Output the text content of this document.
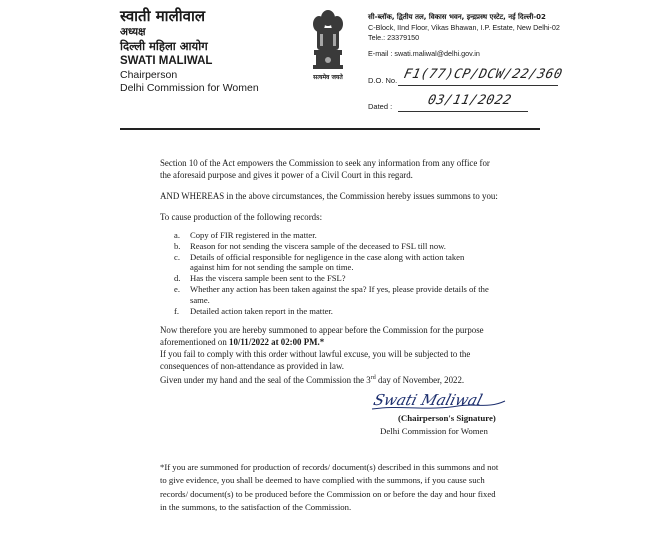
स्वाती मालीवाल
अध्यक्ष
दिल्ली महिला आयोग
SWATI MALIWAL
Chairperson
Delhi Commission for Women
सत्यमेव जयते
सी-ब्लॉक, द्वितीय तल, विकास भवन, इन्द्रप्रस्थ एस्टेट, नई दिल्ली-02
C-Block, IInd Floor, Vikas Bhawan, I.P. Estate, New Delhi-02
Tele.: 23379150
E-mail : swati.maliwal@delhi.gov.in
D.O. No. F1(77)CP/DCW/22/360
Dated :	03/11/2022

Section 10 of the Act empowers the Commission to seek any information from any office for the aforesaid purpose and gives it power of a Civil Court in this regard.

AND WHEREAS in the above circumstances, the Commission hereby issues summons to you:

To cause production of the following records:

a.	Copy of FIR registered in the matter.
b.	Reason for not sending the viscera sample of the deceased to FSL till now.
c.	Details of official responsible for negligence in the case along with action taken against him for not sending the sample on time.
d.	Has the viscera sample been sent to the FSL?
e.	Whether any action has been taken against the spa? If yes, please provide details of the same.
f.	Detailed action taken report in the matter.

Now therefore you are hereby summoned to appear before the Commission for the purpose aforementioned on 10/11/2022 at 02:00 PM.*

If you fail to comply with this order without lawful excuse, you will be subjected to the consequences of non-attendance as provided in law.

Given under my hand and the seal of the Commission the 3rd day of November, 2022.

Swati Maliwal
(Chairperson's Signature)
Delhi Commission for Women
*If you are summoned for production of records/ document(s) described in this summons and not to give evidence, you shall be deemed to have complied with the summons, if you cause such records/ document(s) to be produced before the Commission on or before the day and hour fixed in the summons, to the satisfaction of the Commission.
